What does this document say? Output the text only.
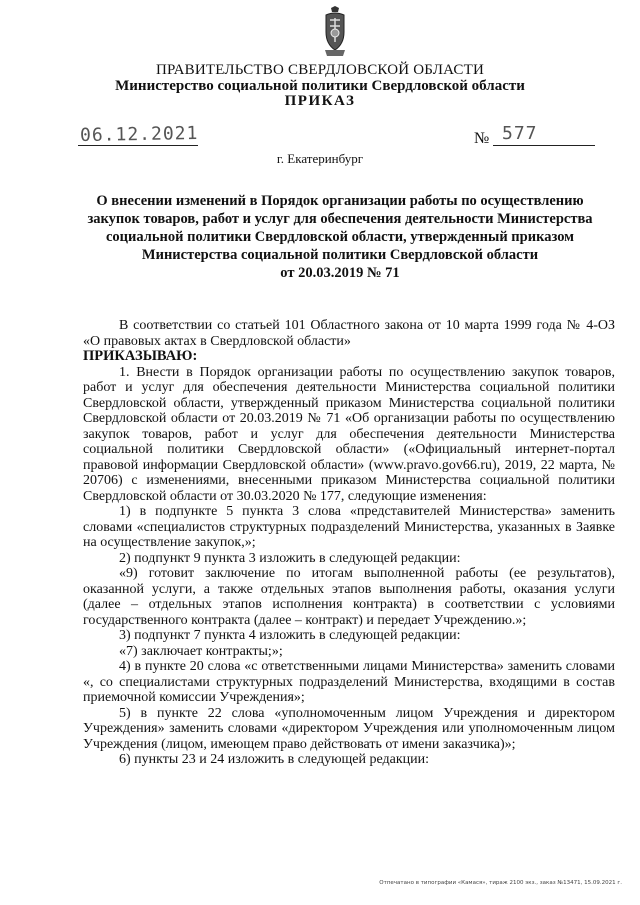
ПРАВИТЕЛЬСТВО СВЕРДЛОВСКОЙ ОБЛАСТИ
Министерство социальной политики Свердловской области
ПРИКАЗ
06.12.2021	№ 577
г. Екатеринбург
О внесении изменений в Порядок организации работы по осуществлению
закупок товаров, работ и услуг для обеспечения деятельности Министерства
социальной политики Свердловской области, утвержденный приказом
Министерства социальной политики Свердловской области
от 20.03.2019 № 71

В соответствии со статьей 101 Областного закона от 10 марта 1999 года № 4-ОЗ «О правовых актах в Свердловской области»

ПРИКАЗЫВАЮ:

1. Внести в Порядок организации работы по осуществлению закупок товаров, работ и услуг для обеспечения деятельности Министерства социальной политики Свердловской области, утвержденный приказом Министерства социальной политики Свердловской области от 20.03.2019 № 71 «Об организации работы по осуществлению закупок товаров, работ и услуг для обеспечения деятельности Министерства социальной политики Свердловской области» («Официальный интернет-портал правовой информации Свердловской области» (www.pravo.gov66.ru), 2019, 22 марта, № 20706) с изменениями, внесенными приказом Министерства социальной политики Свердловской области от 30.03.2020 № 177, следующие изменения:

1) в подпункте 5 пункта 3 слова «представителей Министерства» заменить словами «специалистов структурных подразделений Министерства, указанных в Заявке на осуществление закупок,»;

2) подпункт 9 пункта 3 изложить в следующей редакции:

«9) готовит заключение по итогам выполненной работы (ее результатов), оказанной услуги, а также отдельных этапов выполнения работы, оказания услуги (далее – отдельных этапов исполнения контракта) в соответствии с условиями государственного контракта (далее – контракт) и передает Учреждению.»;

3) подпункт 7 пункта 4 изложить в следующей редакции:

«7) заключает контракты;»;

4) в пункте 20 слова «с ответственными лицами Министерства» заменить словами «, со специалистами структурных подразделений Министерства, входящими в состав приемочной комиссии Учреждения»;

5) в пункте 22 слова «уполномоченным лицом Учреждения и директором Учреждения» заменить словами «директором Учреждения или уполномоченным лицом Учреждения (лицом, имеющем право действовать от имени заказчика)»;

6) пункты 23 и 24 изложить в следующей редакции:

Отпечатано в типографии «Камася», тираж 2100 экз., заказ №13471, 15.09.2021 г.
